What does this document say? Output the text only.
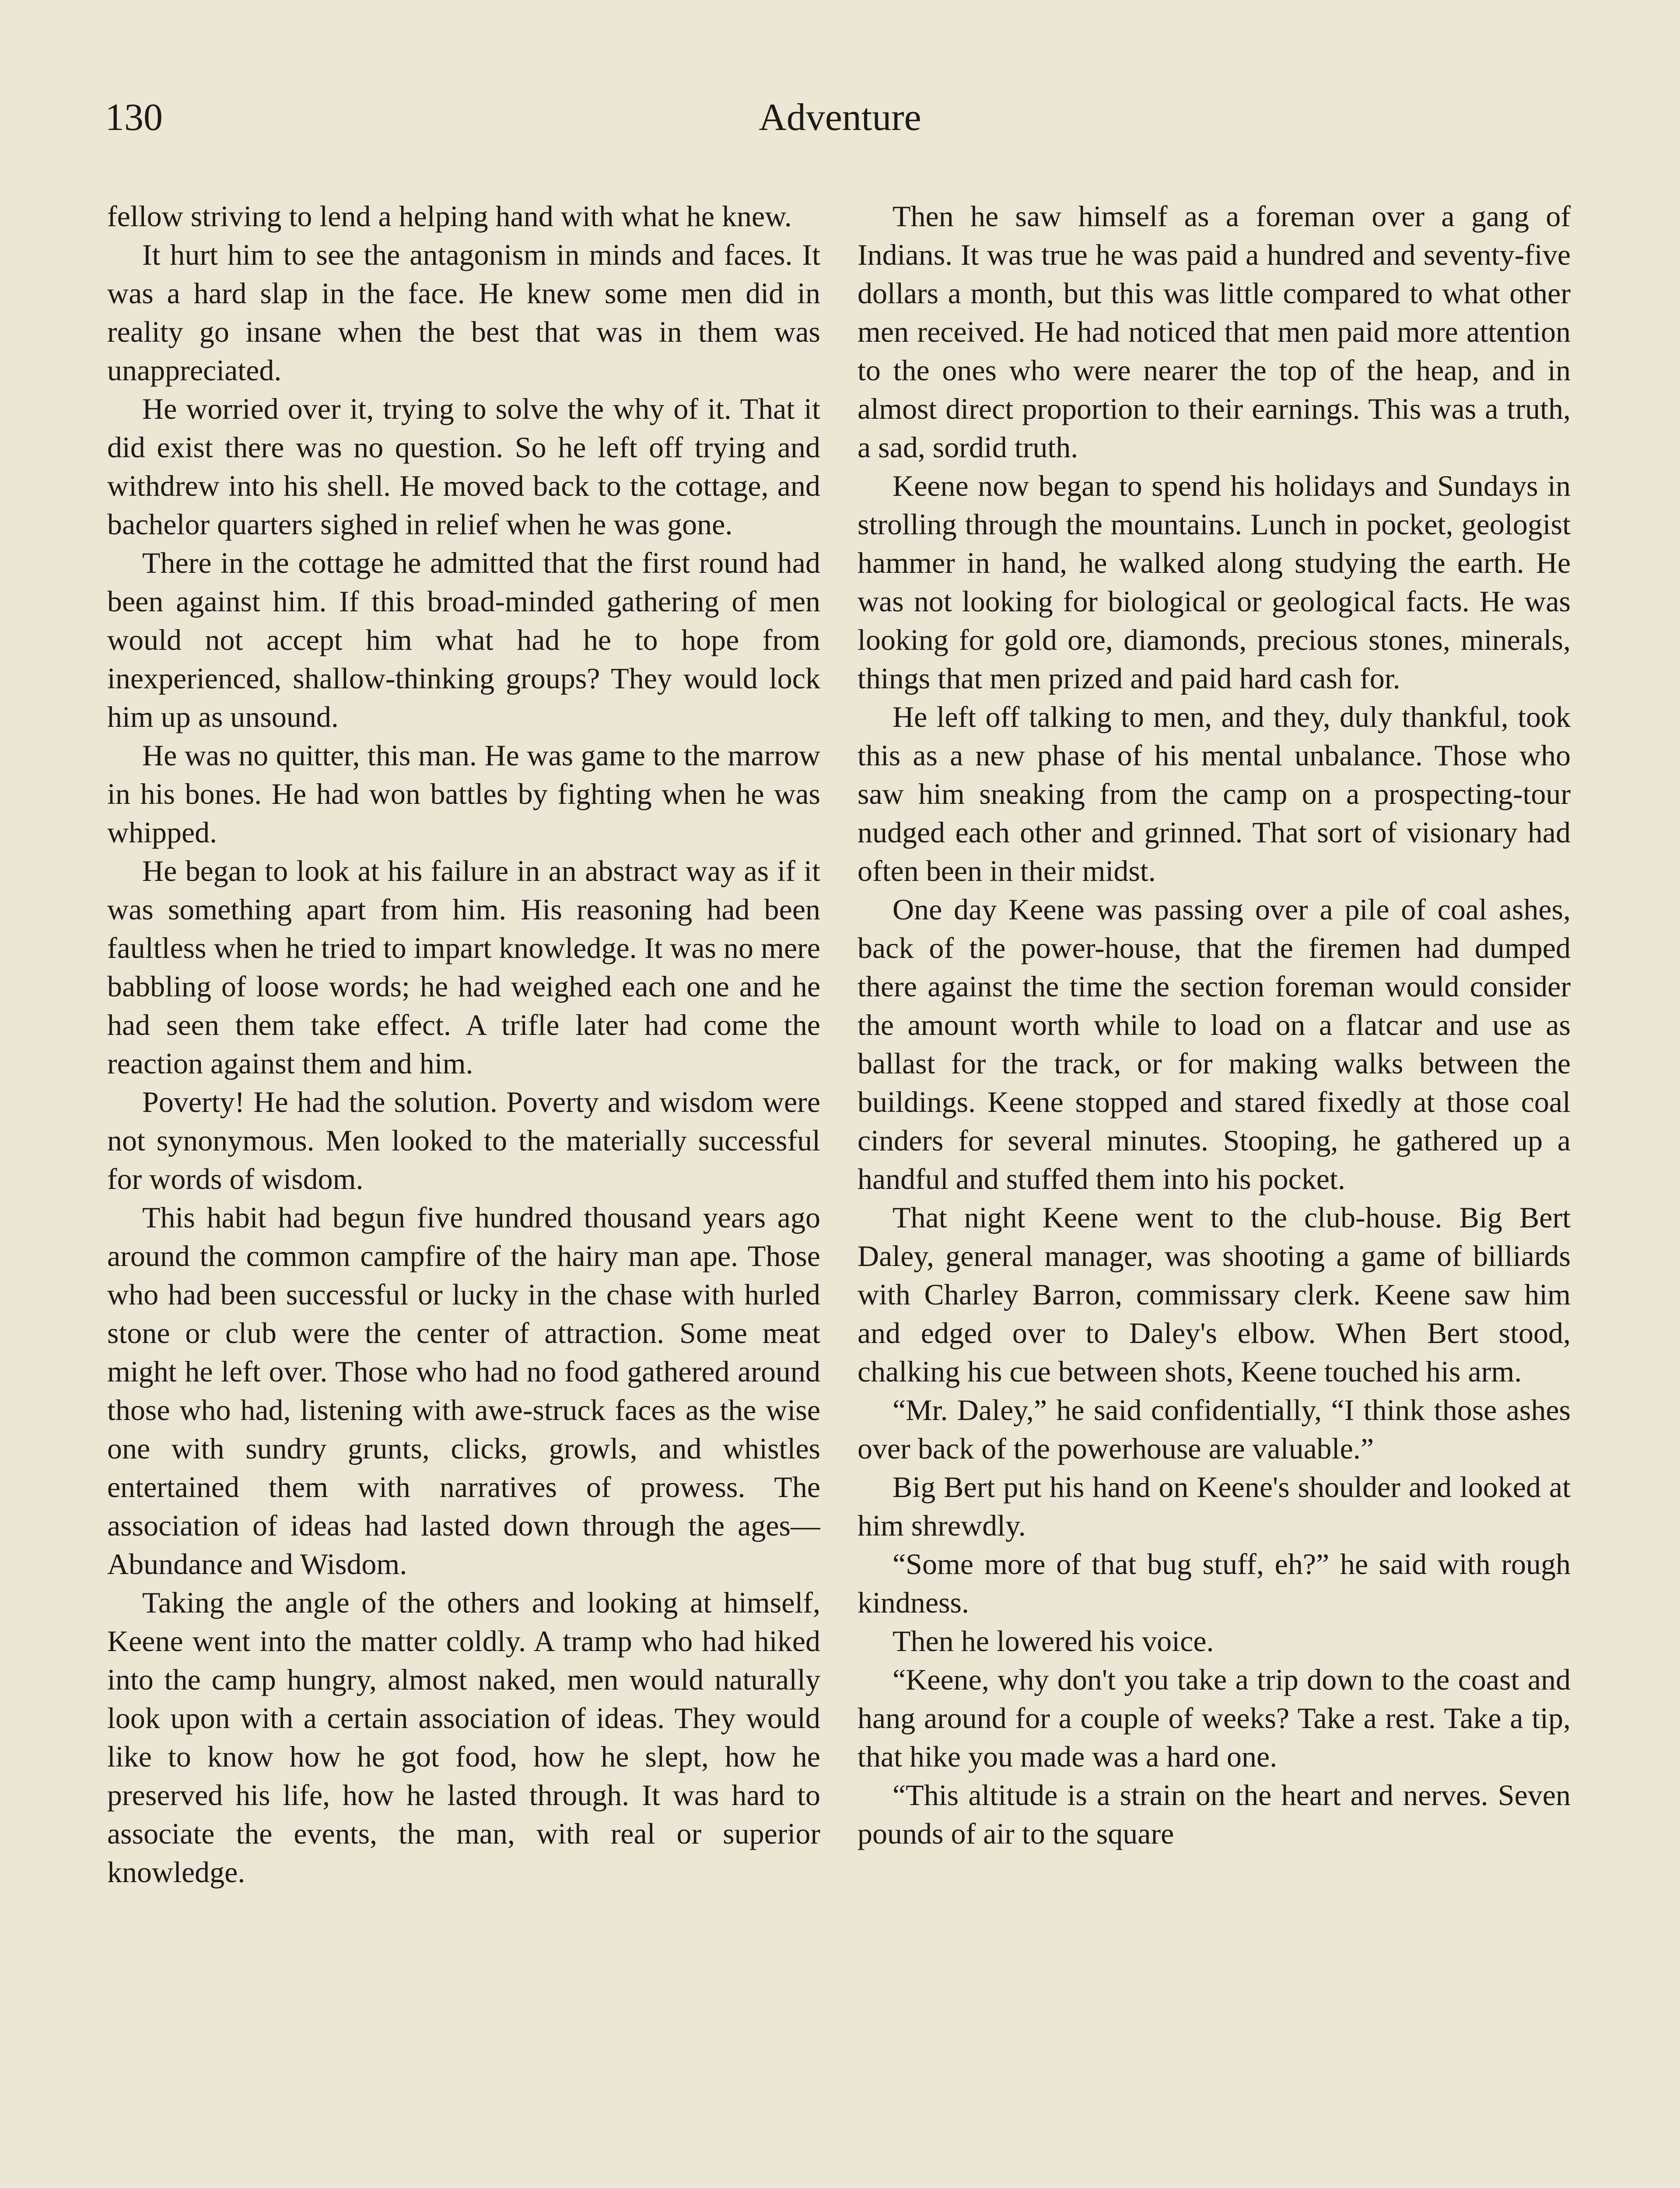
130	Adventure

fellow striving to lend a helping hand with what he knew.

It hurt him to see the antagonism in minds and faces. It was a hard slap in the face. He knew some men did in reality go insane when the best that was in them was unappreciated.

He worried over it, trying to solve the why of it. That it did exist there was no question. So he left off trying and withdrew into his shell. He moved back to the cottage, and bachelor quarters sighed in relief when he was gone.

There in the cottage he admitted that the first round had been against him. If this broad-minded gathering of men would not accept him what had he to hope from inexperienced, shallow-thinking groups? They would lock him up as unsound.

He was no quitter, this man. He was game to the marrow in his bones. He had won battles by fighting when he was whipped.

He began to look at his failure in an abstract way as if it was something apart from him. His reasoning had been faultless when he tried to impart knowledge. It was no mere babbling of loose words; he had weighed each one and he had seen them take effect. A trifle later had come the reaction against them and him.

Poverty! He had the solution. Poverty and wisdom were not synonymous. Men looked to the materially successful for words of wisdom.

This habit had begun five hundred thousand years ago around the common campfire of the hairy man ape. Those who had been successful or lucky in the chase with hurled stone or club were the center of attraction. Some meat might he left over. Those who had no food gathered around those who had, listening with awe-struck faces as the wise one with sundry grunts, clicks, growls, and whistles entertained them with narratives of prowess. The association of ideas had lasted down through the ages—Abundance and Wisdom.

Taking the angle of the others and looking at himself, Keene went into the matter coldly. A tramp who had hiked into the camp hungry, almost naked, men would naturally look upon with a certain association of ideas. They would like to know how he got food, how he slept, how he preserved his life, how he lasted through. It was hard to associate the events, the man, with real or superior knowledge.

Then he saw himself as a foreman over a gang of Indians. It was true he was paid a hundred and seventy-five dollars a month, but this was little compared to what other men received. He had noticed that men paid more attention to the ones who were nearer the top of the heap, and in almost direct proportion to their earnings. This was a truth, a sad, sordid truth.

Keene now began to spend his holidays and Sundays in strolling through the mountains. Lunch in pocket, geologist hammer in hand, he walked along studying the earth. He was not looking for biological or geological facts. He was looking for gold ore, diamonds, precious stones, minerals, things that men prized and paid hard cash for.

He left off talking to men, and they, duly thankful, took this as a new phase of his mental unbalance. Those who saw him sneaking from the camp on a prospecting-tour nudged each other and grinned. That sort of visionary had often been in their midst.

One day Keene was passing over a pile of coal ashes, back of the power-house, that the firemen had dumped there against the time the section foreman would consider the amount worth while to load on a flatcar and use as ballast for the track, or for making walks between the buildings. Keene stopped and stared fixedly at those coal cinders for several minutes. Stooping, he gathered up a handful and stuffed them into his pocket.

That night Keene went to the club-house. Big Bert Daley, general manager, was shooting a game of billiards with Charley Barron, commissary clerk. Keene saw him and edged over to Daley's elbow. When Bert stood, chalking his cue between shots, Keene touched his arm.

“Mr. Daley,” he said confidentially, “I think those ashes over back of the powerhouse are valuable.”

Big Bert put his hand on Keene's shoulder and looked at him shrewdly.

“Some more of that bug stuff, eh?” he said with rough kindness.

Then he lowered his voice.

“Keene, why don't you take a trip down to the coast and hang around for a couple of weeks? Take a rest. Take a tip, that hike you made was a hard one.

“This altitude is a strain on the heart and nerves. Seven pounds of air to the square
